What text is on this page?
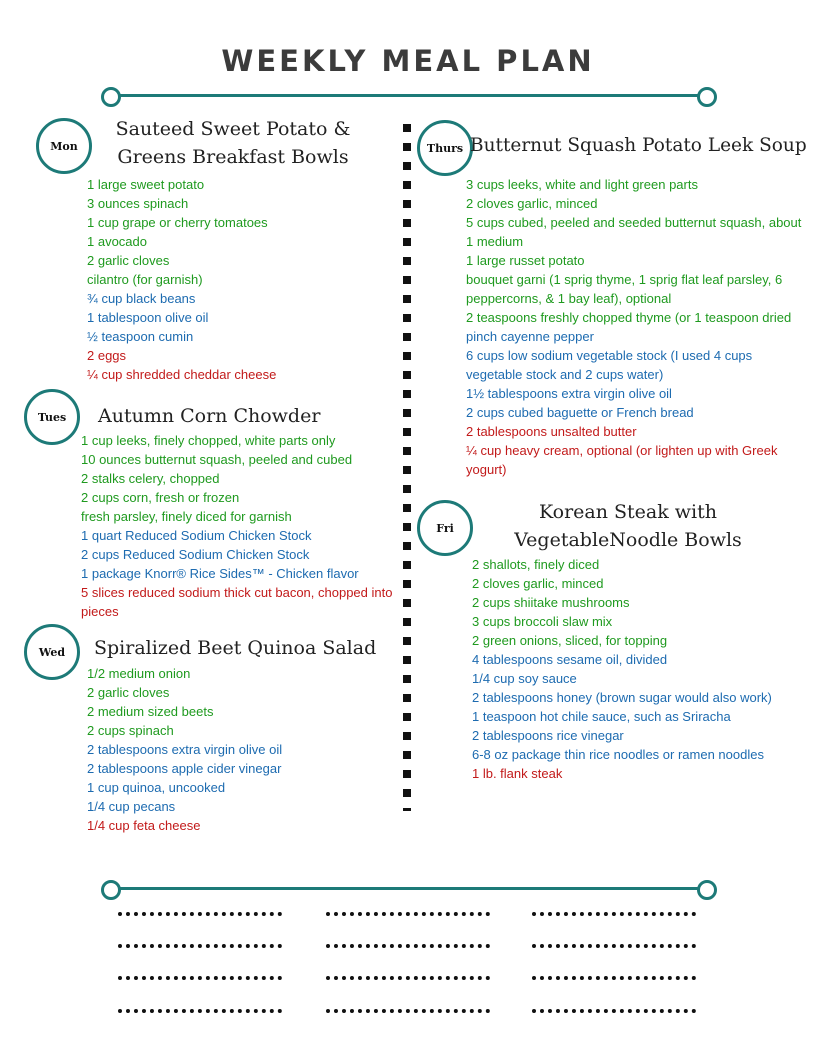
WEEKLY MEAL PLAN
Mon
Sauteed Sweet Potato & Greens Breakfast Bowls
1 large sweet potato
3 ounces spinach
1 cup grape or cherry tomatoes
1 avocado
2 garlic cloves
cilantro (for garnish)
¾ cup black beans
1 tablespoon olive oil
½ teaspoon cumin
2 eggs
¼ cup shredded cheddar cheese
Tues	Autumn Corn Chowder
1 cup leeks, finely chopped, white parts only
10 ounces butternut squash, peeled and cubed
2 stalks celery, chopped
2 cups corn, fresh or frozen
fresh parsley, finely diced for garnish
1 quart Reduced Sodium Chicken Stock
2 cups Reduced Sodium Chicken Stock
1 package Knorr® Rice Sides™ - Chicken flavor
5 slices reduced sodium thick cut bacon, chopped into pieces
Wed	Spiralized Beet Quinoa Salad
1/2 medium onion
2 garlic cloves
2 medium sized beets
2 cups spinach
2 tablespoons extra virgin olive oil
2 tablespoons apple cider vinegar
1 cup quinoa, uncooked
1/4 cup pecans
1/4 cup feta cheese
Thurs Butternut Squash Potato Leek Soup
3 cups leeks, white and light green parts
2 cloves garlic, minced
5 cups cubed, peeled and seeded butternut squash, about 1 medium
1 large russet potato
bouquet garni (1 sprig thyme, 1 sprig flat leaf parsley, 6 peppercorns, & 1 bay leaf), optional
2 teaspoons freshly chopped thyme (or 1 teaspoon dried
pinch cayenne pepper
6 cups low sodium vegetable stock (I used 4 cups vegetable stock and 2 cups water)
1½ tablespoons extra virgin olive oil
2 cups cubed baguette or French bread
2 tablespoons unsalted butter
¼ cup heavy cream, optional (or lighten up with Greek yogurt)
Fri
Korean Steak with VegetableNoodle Bowls
2 shallots, finely diced
2 cloves garlic, minced
2 cups shiitake mushrooms
3 cups broccoli slaw mix
2 green onions, sliced, for topping
4 tablespoons sesame oil, divided
1/4 cup soy sauce
2 tablespoons honey (brown sugar would also work)
1 teaspoon hot chile sauce, such as Sriracha
2 tablespoons rice vinegar
6-8 oz package thin rice noodles or ramen noodles
1 lb. flank steak
